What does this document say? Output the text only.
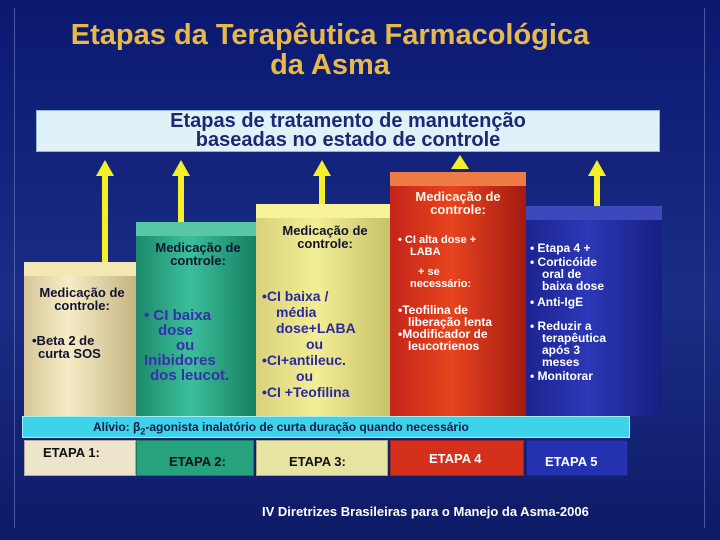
Etapas da Terapêutica Farmacológica
da Asma
Etapas de tratamento de manutenção
baseadas no estado de controle
Medicação de controle:
•Beta 2 de
curta SOS
Medicação de controle:
• CI baixa
dose
ou
Inibidores
dos leucot.
Medicação de controle:
•CI baixa /
média
dose+LABA
ou
•CI+antileuc.
ou
•CI +Teofilina
Medicação de controle:
• CI alta dose +
LABA
+ se
necessário:
•Teofilina de
liberação lenta
•Modificador de
leucotrienos
• Etapa 4 +
• Corticóide
oral de
baixa dose
• Anti-IgE
• Reduzir a
terapêutica
após 3
meses
• Monitorar
Alívio: $\beta_2$-agonista inalatório de curta duração quando necessário
ETAPA 1:
ETAPA 2:	ETAPA 3:	ETAPA 4	ETAPA 5
IV Diretrizes Brasileiras para o Manejo da Asma-2006
